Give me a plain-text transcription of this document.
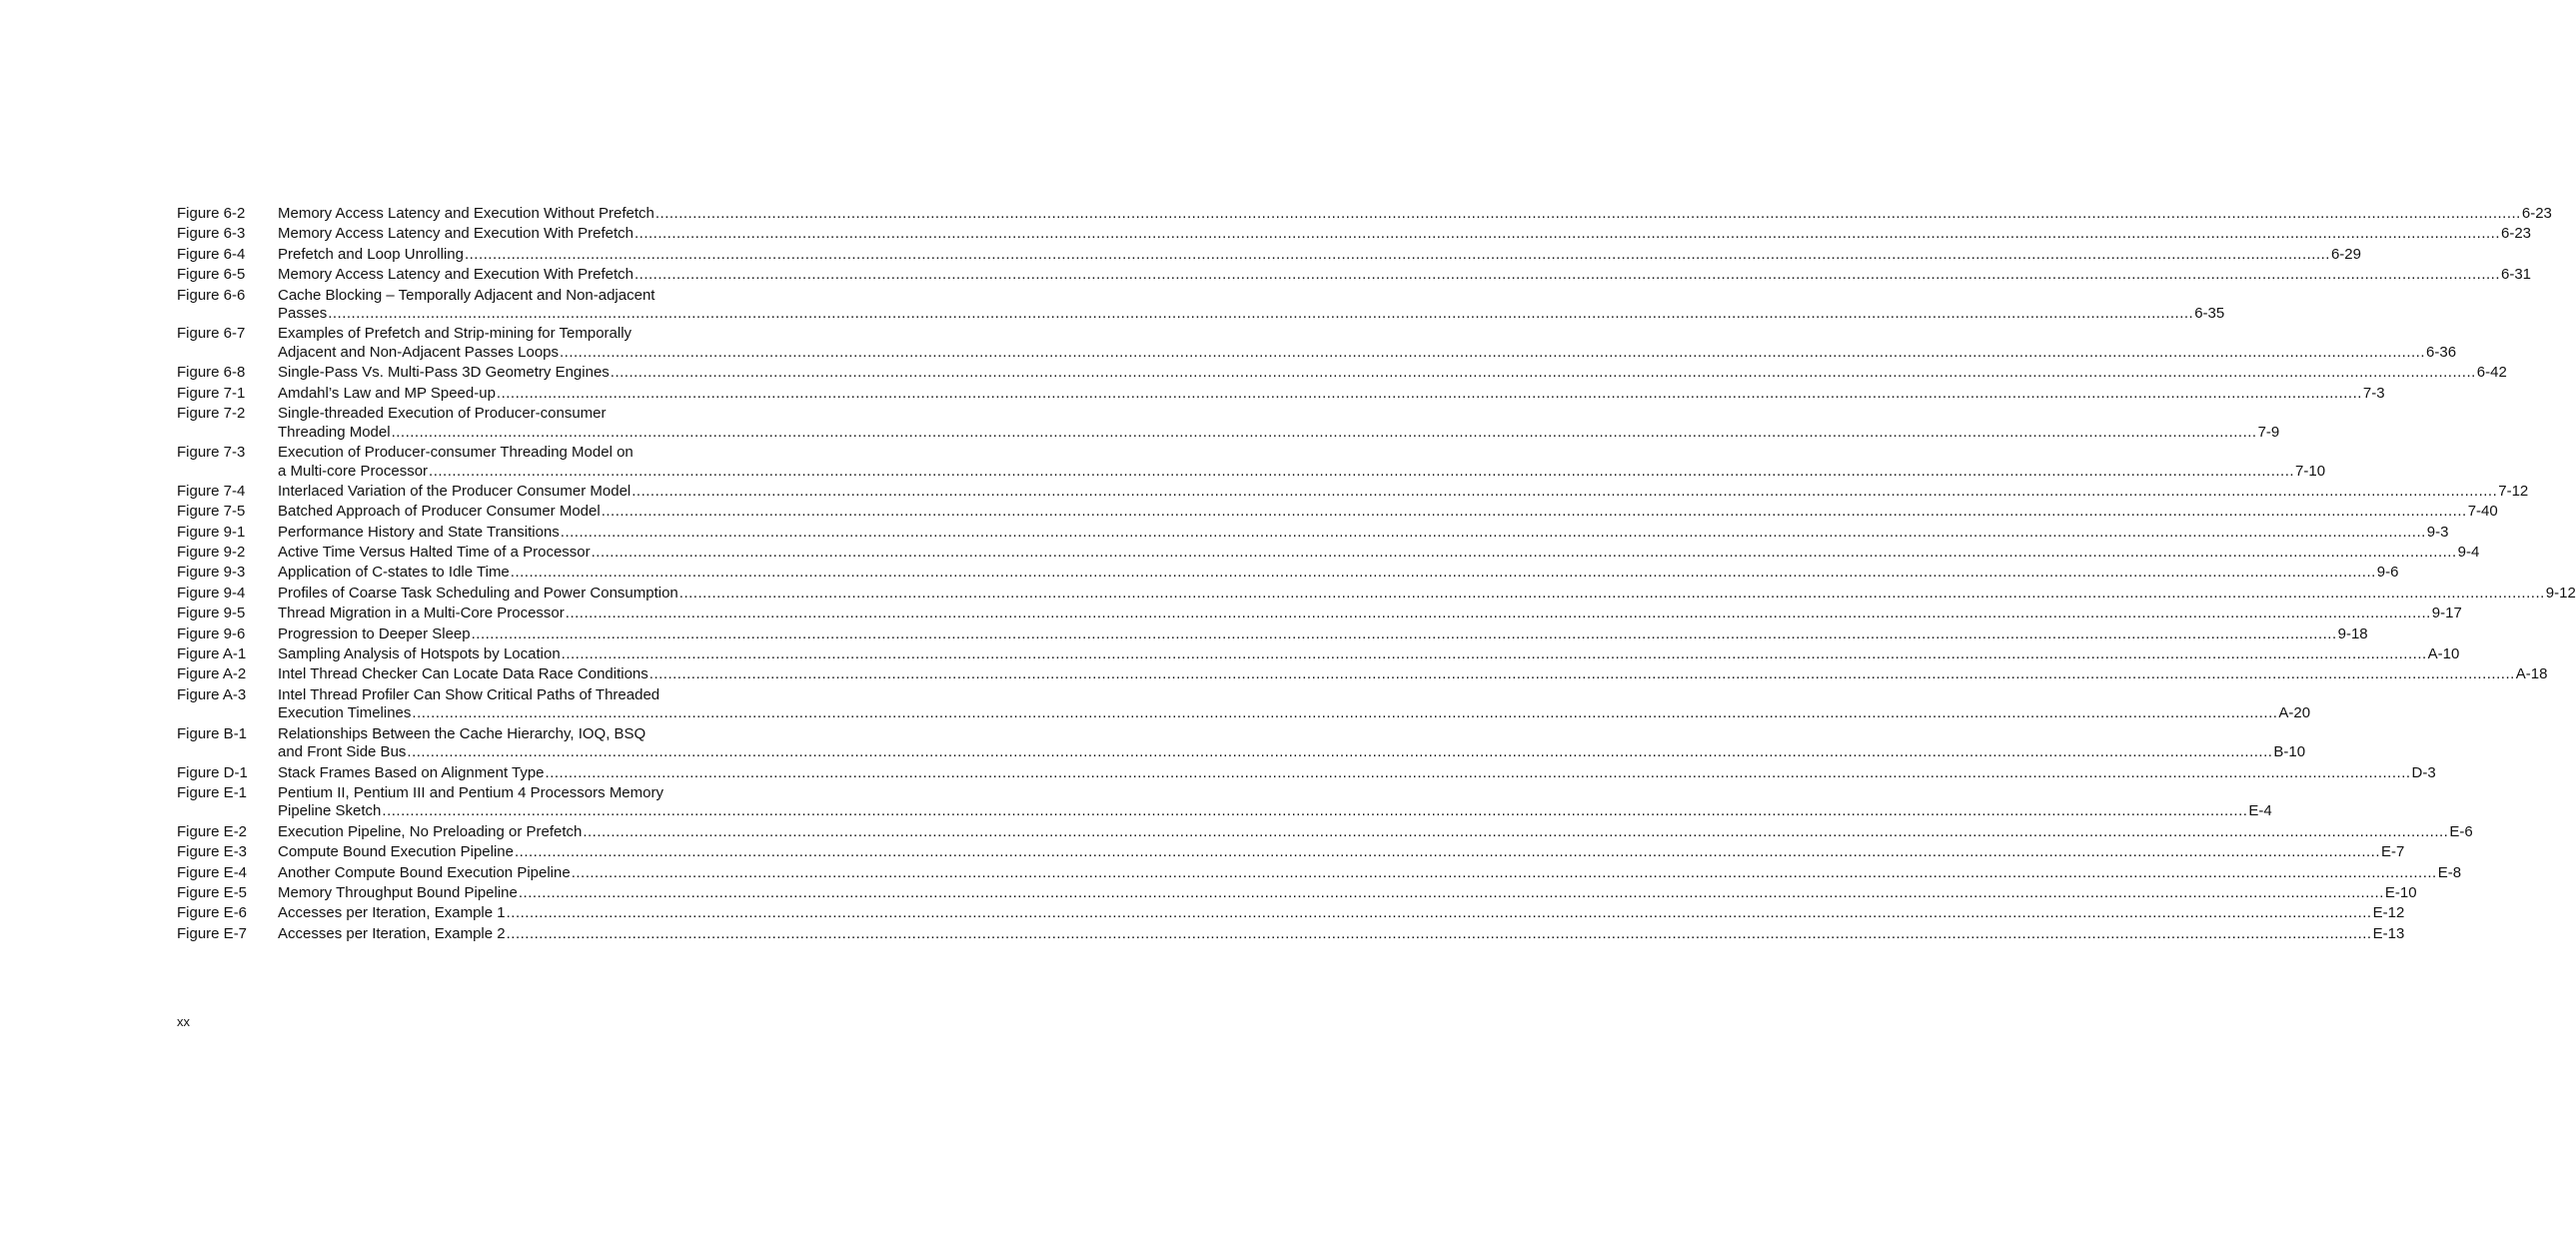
Figure 6-2	Memory Access Latency and Execution Without Prefetch ................................................................................................................................................................................................................................................................................................................................................................................................................ 6-23
Figure 6-3	Memory Access Latency and Execution With Prefetch ................................................................................................................................................................................................................................................................................................................................................................................................................ 6-23
Figure 6-4	Prefetch and Loop Unrolling ................................................................................................................................................................................................................................................................................................................................................................................................................ 6-29
Figure 6-5	Memory Access Latency and Execution With Prefetch ................................................................................................................................................................................................................................................................................................................................................................................................................ 6-31
Figure 6-6	Cache Blocking – Temporally Adjacent and Non-adjacent
Passes ................................................................................................................................................................................................................................................................................................................................................................................................................ 6-35
Figure 6-7	Examples of Prefetch and Strip-mining for Temporally
Adjacent and Non-Adjacent Passes Loops ................................................................................................................................................................................................................................................................................................................................................................................................................ 6-36
Figure 6-8	Single-Pass Vs. Multi-Pass 3D Geometry Engines ................................................................................................................................................................................................................................................................................................................................................................................................................ 6-42
Figure 7-1	Amdahl’s Law and MP Speed-up ................................................................................................................................................................................................................................................................................................................................................................................................................ 7-3
Figure 7-2	Single-threaded Execution of Producer-consumer
Threading Model ................................................................................................................................................................................................................................................................................................................................................................................................................ 7-9
Figure 7-3	Execution of Producer-consumer Threading Model on
a Multi-core Processor ................................................................................................................................................................................................................................................................................................................................................................................................................ 7-10
Figure 7-4	Interlaced Variation of the Producer Consumer Model ................................................................................................................................................................................................................................................................................................................................................................................................................ 7-12
Figure 7-5	Batched Approach of Producer Consumer Model ................................................................................................................................................................................................................................................................................................................................................................................................................ 7-40
Figure 9-1	Performance History and State Transitions ................................................................................................................................................................................................................................................................................................................................................................................................................ 9-3
Figure 9-2	Active Time Versus Halted Time of a Processor ................................................................................................................................................................................................................................................................................................................................................................................................................ 9-4
Figure 9-3	Application of C-states to Idle Time ................................................................................................................................................................................................................................................................................................................................................................................................................ 9-6
Figure 9-4	Profiles of Coarse Task Scheduling and Power Consumption ................................................................................................................................................................................................................................................................................................................................................................................................................ 9-12
Figure 9-5	Thread Migration in a Multi-Core Processor ................................................................................................................................................................................................................................................................................................................................................................................................................ 9-17
Figure 9-6	Progression to Deeper Sleep ................................................................................................................................................................................................................................................................................................................................................................................................................ 9-18
Figure A-1	Sampling Analysis of Hotspots by Location ................................................................................................................................................................................................................................................................................................................................................................................................................ A-10
Figure A-2	Intel Thread Checker Can Locate Data Race Conditions ................................................................................................................................................................................................................................................................................................................................................................................................................ A-18
Figure A-3	Intel Thread Profiler Can Show Critical Paths of Threaded
Execution Timelines ................................................................................................................................................................................................................................................................................................................................................................................................................ A-20
Figure B-1	Relationships Between the Cache Hierarchy, IOQ, BSQ
and Front Side Bus ................................................................................................................................................................................................................................................................................................................................................................................................................ B-10
Figure D-1	Stack Frames Based on Alignment Type ................................................................................................................................................................................................................................................................................................................................................................................................................ D-3
Figure E-1	Pentium II, Pentium III and Pentium 4 Processors Memory
Pipeline Sketch ................................................................................................................................................................................................................................................................................................................................................................................................................ E-4
Figure E-2	Execution Pipeline, No Preloading or Prefetch ................................................................................................................................................................................................................................................................................................................................................................................................................ E-6
Figure E-3	Compute Bound Execution Pipeline ................................................................................................................................................................................................................................................................................................................................................................................................................ E-7
Figure E-4	Another Compute Bound Execution Pipeline ................................................................................................................................................................................................................................................................................................................................................................................................................ E-8
Figure E-5	Memory Throughput Bound Pipeline ................................................................................................................................................................................................................................................................................................................................................................................................................ E-10
Figure E-6	Accesses per Iteration, Example 1 ................................................................................................................................................................................................................................................................................................................................................................................................................ E-12
Figure E-7	Accesses per Iteration, Example 2 ................................................................................................................................................................................................................................................................................................................................................................................................................ E-13
xx
